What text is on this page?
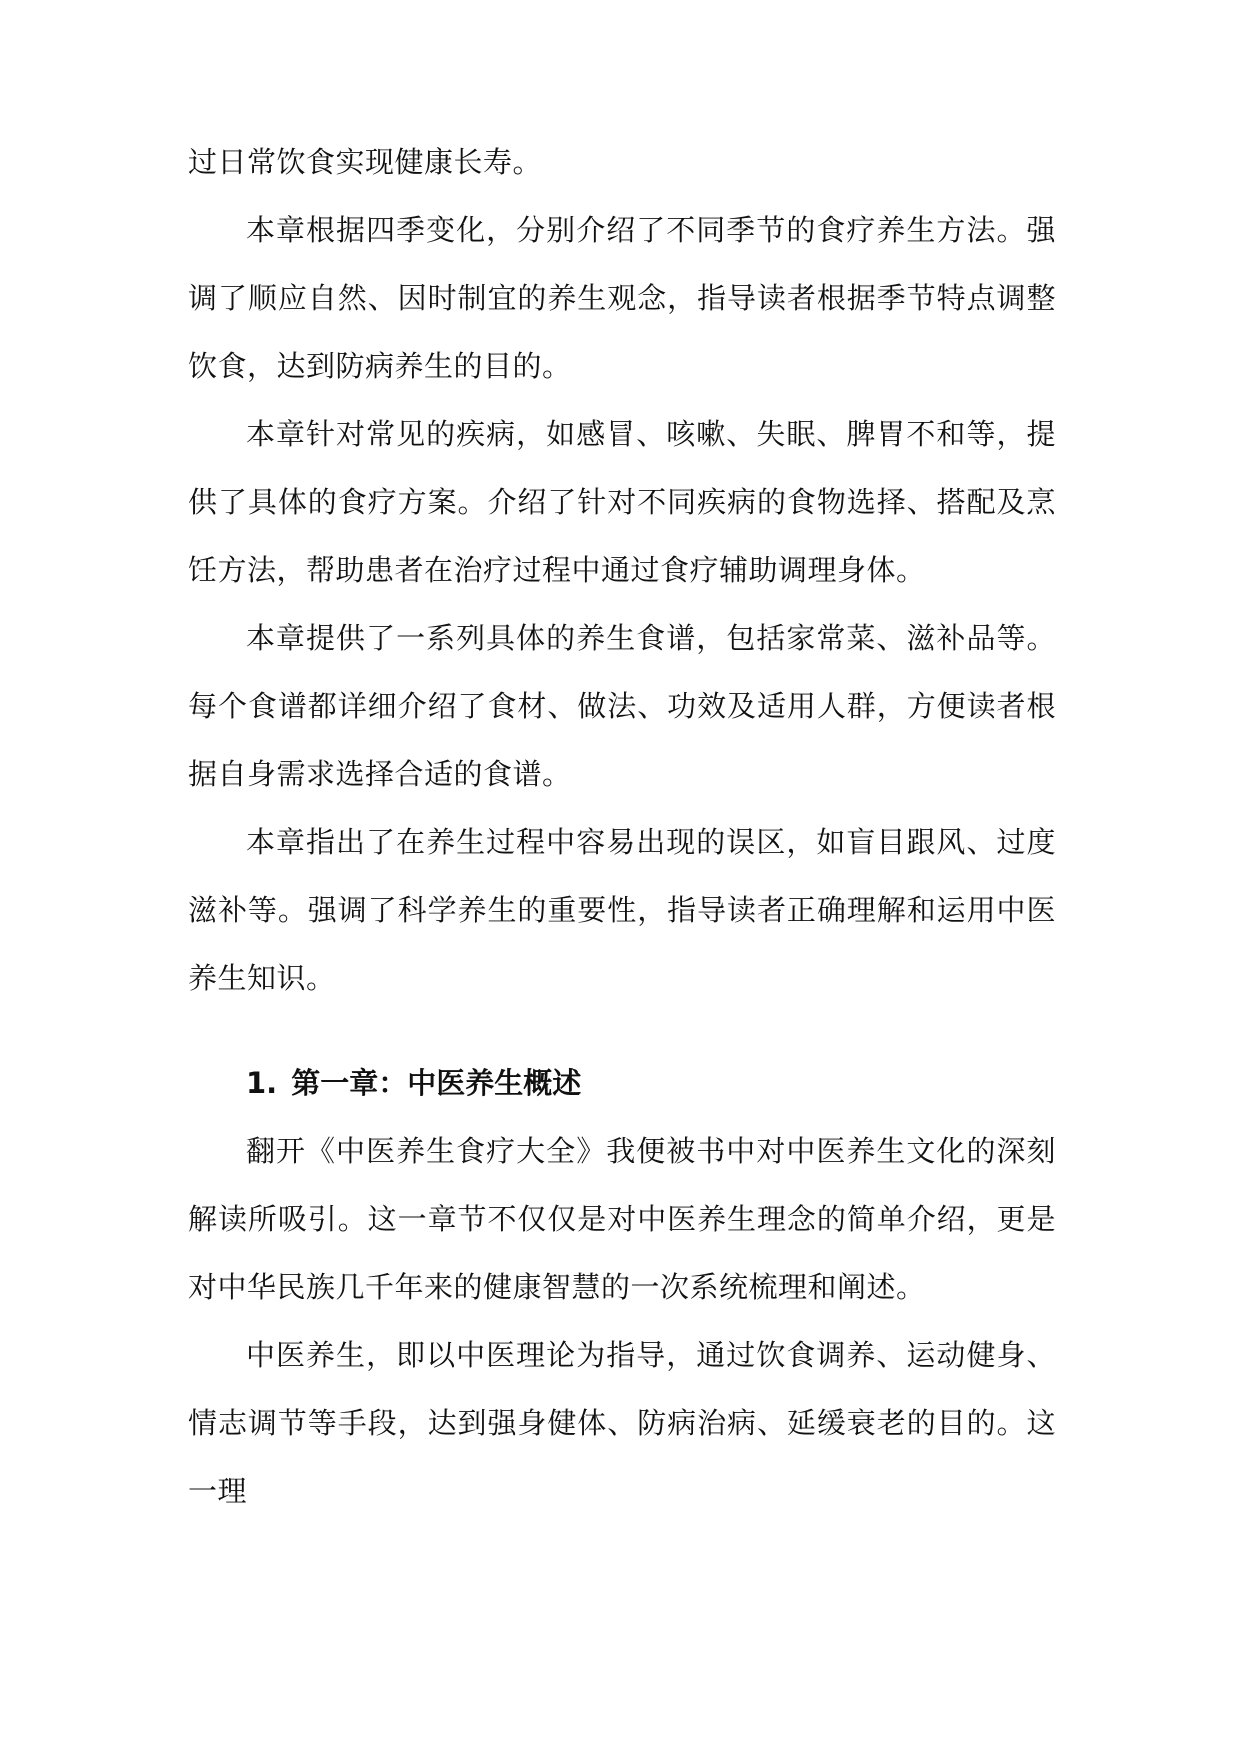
过日常饮食实现健康长寿。

本章根据四季变化，分别介绍了不同季节的食疗养生方法。强调了顺应自然、因时制宜的养生观念，指导读者根据季节特点调整饮食，达到防病养生的目的。

本章针对常见的疾病，如感冒、咳嗽、失眠、脾胃不和等，提供了具体的食疗方案。介绍了针对不同疾病的食物选择、搭配及烹饪方法，帮助患者在治疗过程中通过食疗辅助调理身体。

本章提供了一系列具体的养生食谱，包括家常菜、滋补品等。每个食谱都详细介绍了食材、做法、功效及适用人群，方便读者根据自身需求选择合适的食谱。

本章指出了在养生过程中容易出现的误区，如盲目跟风、过度滋补等。强调了科学养生的重要性，指导读者正确理解和运用中医养生知识。

1. 第一章：中医养生概述

翻开《中医养生食疗大全》我便被书中对中医养生文化的深刻解读所吸引。这一章节不仅仅是对中医养生理念的简单介绍，更是对中华民族几千年来的健康智慧的一次系统梳理和阐述。

中医养生，即以中医理论为指导，通过饮食调养、运动健身、情志调节等手段，达到强身健体、防病治病、延缓衰老的目的。这一理
